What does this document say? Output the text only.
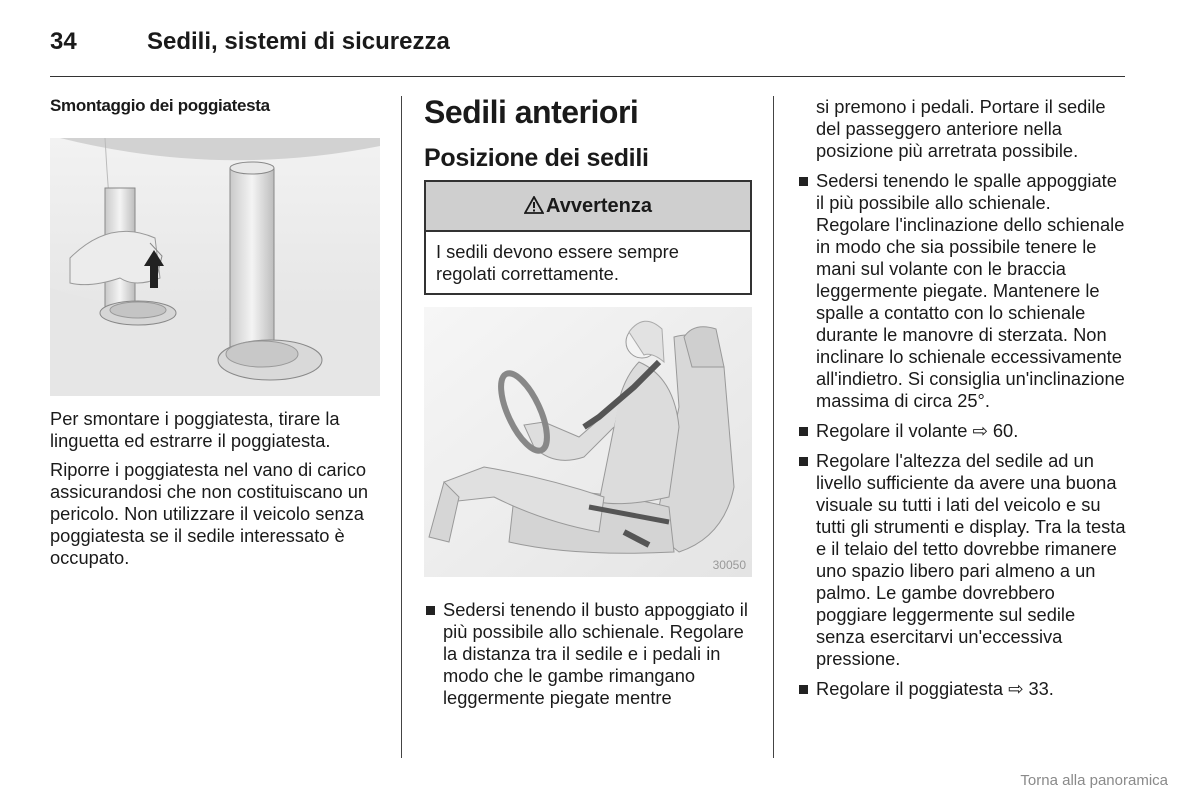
34	Sedili, sistemi di sicurezza
Smontaggio dei poggiatesta

Per smontare i poggiatesta, tirare la linguetta ed estrarre il poggiatesta.

Riporre i poggiatesta nel vano di carico assicurandosi che non costituiscano un pericolo. Non utilizzare il veicolo senza poggiatesta se il sedile interessato è occupato.

Sedili anteriori
Posizione dei sedili
Avvertenza
I sedili devono essere sempre regolati correttamente.
30050
Sedersi tenendo il busto appoggiato il più possibile allo schienale. Regolare la distanza tra il sedile e i pedali in modo che le gambe rimangano leggermente piegate mentre
si premono i pedali. Portare il sedile del passeggero anteriore nella posizione più arretrata possibile.
Sedersi tenendo le spalle appoggiate il più possibile allo schienale. Regolare l'inclinazione dello schienale in modo che sia possibile tenere le mani sul volante con le braccia leggermente piegate. Mantenere le spalle a contatto con lo schienale durante le manovre di sterzata. Non inclinare lo schienale eccessivamente all'indietro. Si consiglia un'inclinazione massima di circa 25°.
Regolare il volante ⇨ 60.
Regolare l'altezza del sedile ad un livello sufficiente da avere una buona visuale su tutti i lati del veicolo e su tutti gli strumenti e display. Tra la testa e il telaio del tetto dovrebbe rimanere uno spazio libero pari almeno a un palmo. Le gambe dovrebbero poggiare leggermente sul sedile senza esercitarvi un'eccessiva pressione.
Regolare il poggiatesta ⇨ 33.
Torna alla panoramica
